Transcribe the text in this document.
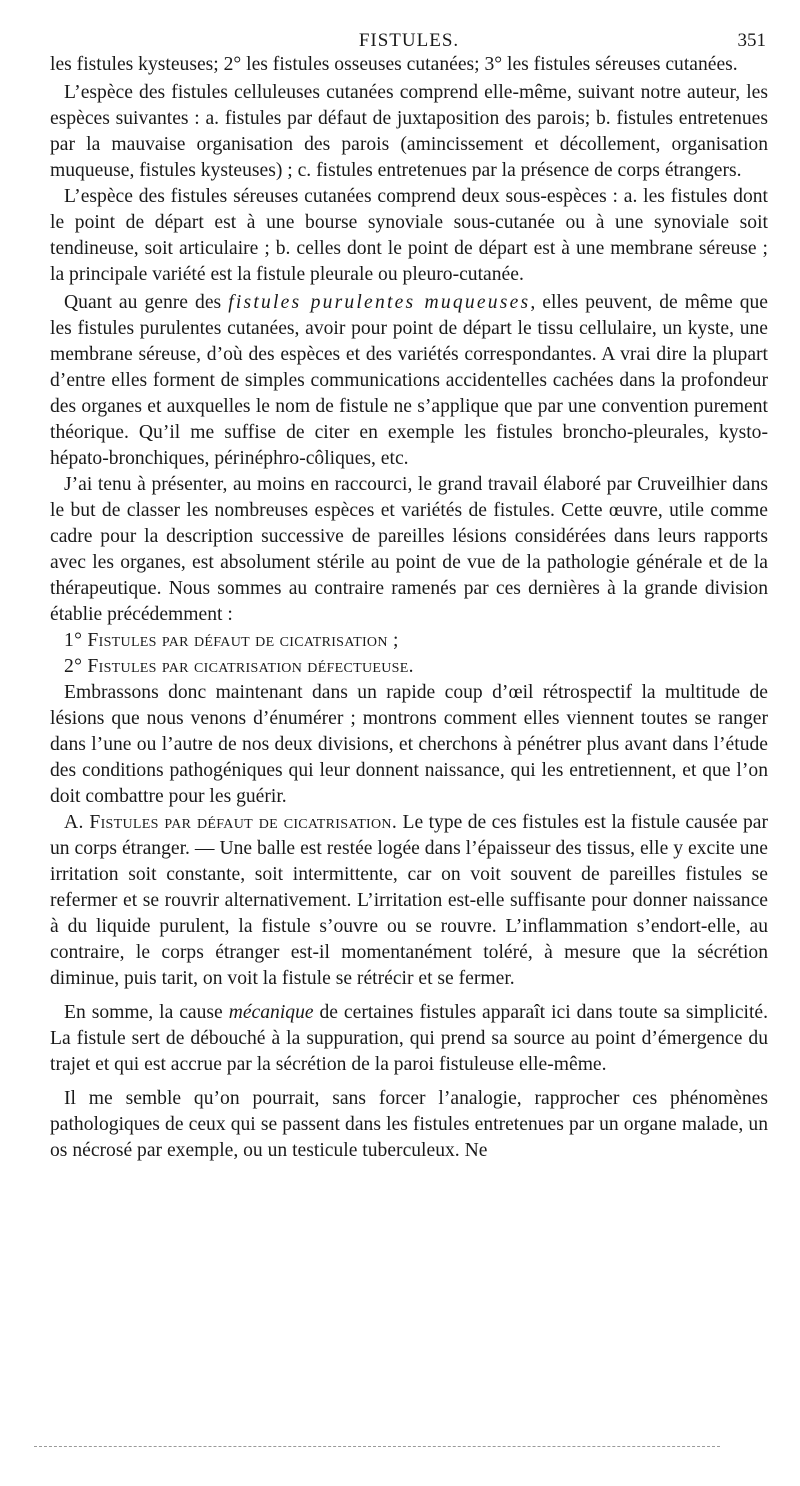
FISTULES.	351

les fistules kysteuses; 2° les fistules osseuses cutanées; 3° les fistules séreuses cutanées.

L’espèce des fistules celluleuses cutanées comprend elle-même, suivant notre auteur, les espèces suivantes : a. fistules par défaut de juxtaposition des parois; b. fistules entretenues par la mauvaise organisation des parois (amincissement et décollement, organisation muqueuse, fistules kysteuses) ; c. fistules entretenues par la présence de corps étrangers.

L’espèce des fistules séreuses cutanées comprend deux sous-espèces : a. les fistules dont le point de départ est à une bourse synoviale sous-cutanée ou à une synoviale soit tendineuse, soit articulaire ; b. celles dont le point de départ est à une membrane séreuse ; la principale variété est la fistule pleurale ou pleuro-cutanée.

Quant au genre des fistules purulentes muqueuses, elles peuvent, de même que les fistules purulentes cutanées, avoir pour point de départ le tissu cellulaire, un kyste, une membrane séreuse, d’où des espèces et des variétés correspondantes. A vrai dire la plupart d’entre elles forment de simples communications accidentelles cachées dans la profondeur des organes et auxquelles le nom de fistule ne s’applique que par une convention purement théorique. Qu’il me suffise de citer en exemple les fistules broncho-pleurales, kysto-hépato-bronchiques, périnéphro-côliques, etc.

J’ai tenu à présenter, au moins en raccourci, le grand travail élaboré par Cruveilhier dans le but de classer les nombreuses espèces et variétés de fistules. Cette œuvre, utile comme cadre pour la description successive de pareilles lésions considérées dans leurs rapports avec les organes, est absolument stérile au point de vue de la pathologie générale et de la thérapeutique. Nous sommes au contraire ramenés par ces dernières à la grande division établie précédemment :

1° Fistules par défaut de cicatrisation ;

2° Fistules par cicatrisation défectueuse.

Embrassons donc maintenant dans un rapide coup d’œil rétrospectif la multitude de lésions que nous venons d’énumérer ; montrons comment elles viennent toutes se ranger dans l’une ou l’autre de nos deux divisions, et cherchons à pénétrer plus avant dans l’étude des conditions pathogéniques qui leur donnent naissance, qui les entretiennent, et que l’on doit combattre pour les guérir.

A. Fistules par défaut de cicatrisation. Le type de ces fistules est la fistule causée par un corps étranger. — Une balle est restée logée dans l’épaisseur des tissus, elle y excite une irritation soit constante, soit intermittente, car on voit souvent de pareilles fistules se refermer et se rouvrir alternativement. L’irritation est-elle suffisante pour donner naissance à du liquide purulent, la fistule s’ouvre ou se rouvre. L’inflammation s’endort-elle, au contraire, le corps étranger est-il momentanément toléré, à mesure que la sécrétion diminue, puis tarit, on voit la fistule se rétrécir et se fermer.

En somme, la cause mécanique de certaines fistules apparaît ici dans toute sa simplicité. La fistule sert de débouché à la suppuration, qui prend sa source au point d’émergence du trajet et qui est accrue par la sécrétion de la paroi fistuleuse elle-même.

Il me semble qu’on pourrait, sans forcer l’analogie, rapprocher ces phénomènes pathologiques de ceux qui se passent dans les fistules entretenues par un organe malade, un os nécrosé par exemple, ou un testicule tuberculeux. Ne
